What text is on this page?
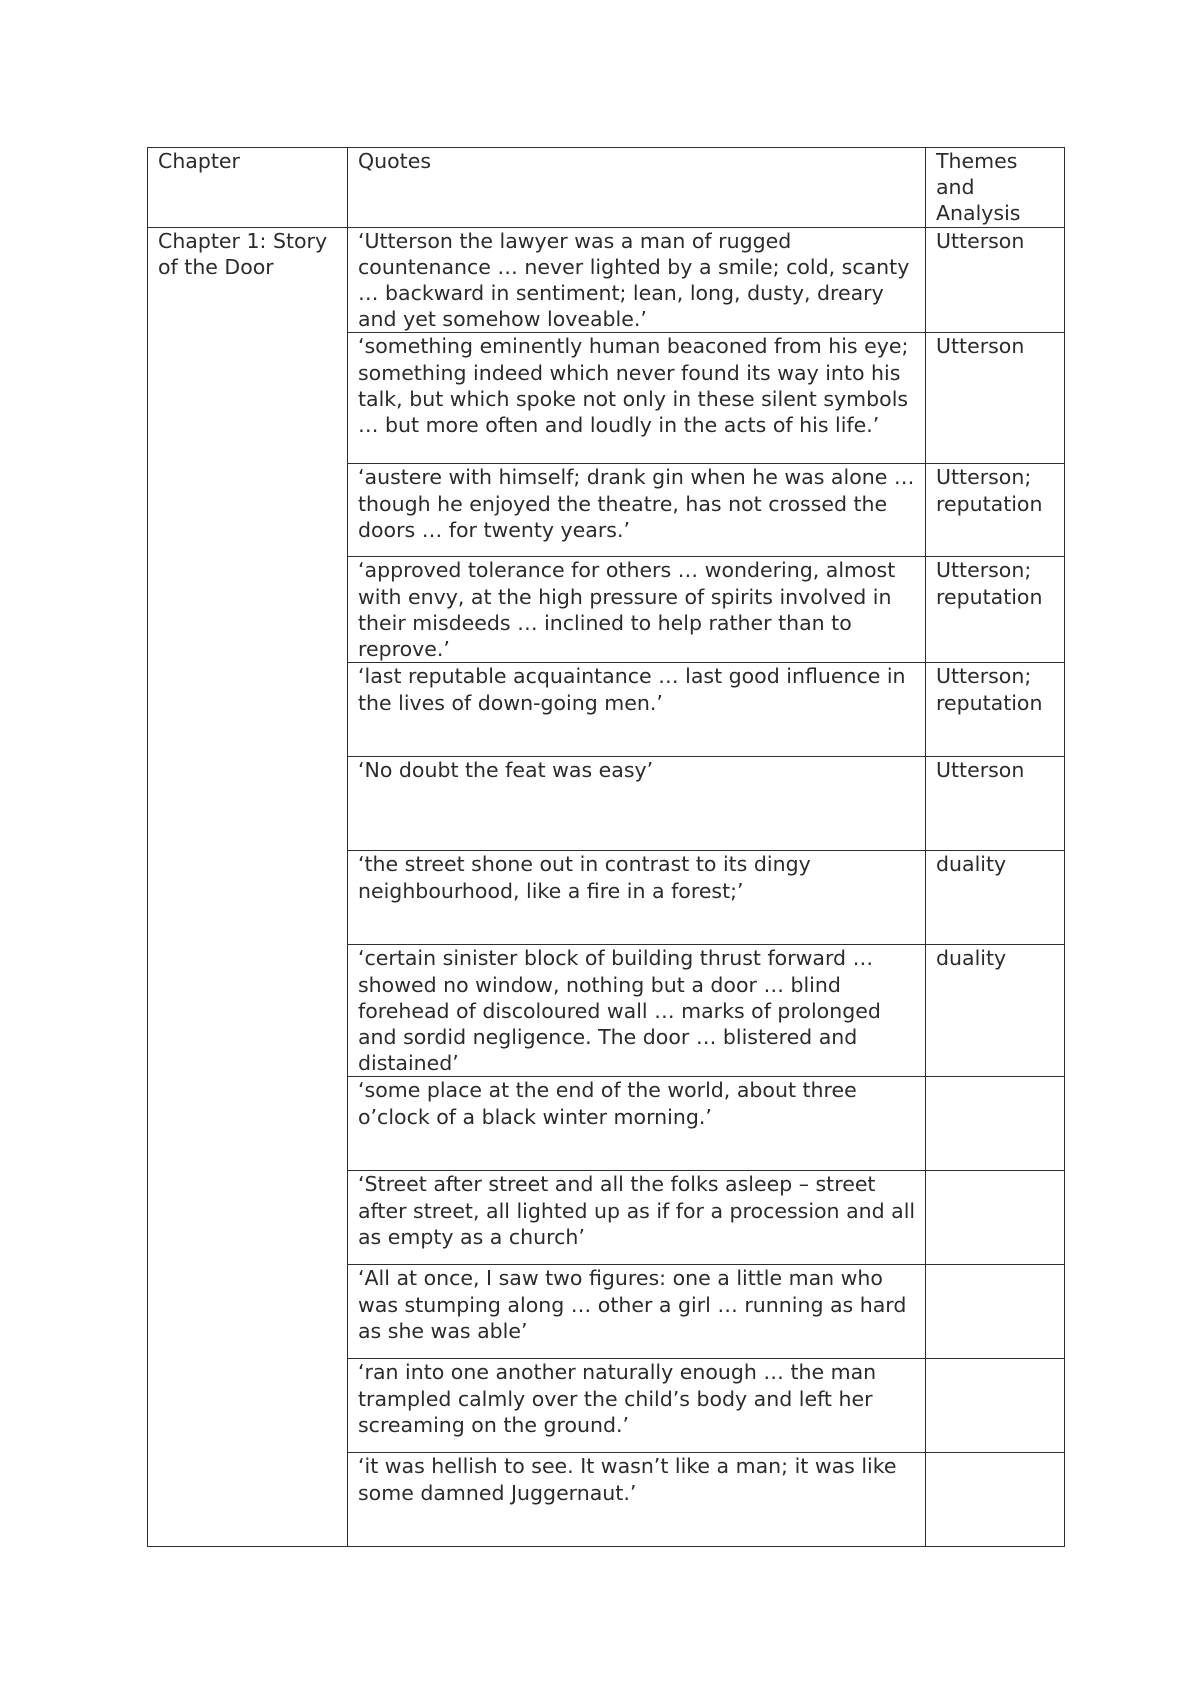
Chapter	Quotes	Themes and Analysis

Chapter 1: Story of the Door	‘Utterson the lawyer was a man of rugged countenance … never lighted by a smile; cold, scanty … backward in sentiment; lean, long, dusty, dreary and yet somehow loveable.’	Utterson

	‘something eminently human beaconed from his eye; something indeed which never found its way into his talk, but which spoke not only in these silent symbols … but more often and loudly in the acts of his life.’	Utterson

	‘austere with himself; drank gin when he was alone … though he enjoyed the theatre, has not crossed the doors … for twenty years.’	Utterson; reputation

	‘approved tolerance for others … wondering, almost with envy, at the high pressure of spirits involved in their misdeeds … inclined to help rather than to reprove.’	Utterson; reputation

	‘last reputable acquaintance … last good influence in the lives of down-going men.’	Utterson; reputation

	‘No doubt the feat was easy’	Utterson

	‘the street shone out in contrast to its dingy neighbourhood, like a fire in a forest;’	duality

	‘certain sinister block of building thrust forward … showed no window, nothing but a door … blind forehead of discoloured wall … marks of prolonged and sordid negligence. The door … blistered and distained’	duality

	‘some place at the end of the world, about three o’clock of a black winter morning.’	

	‘Street after street and all the folks asleep – street after street, all lighted up as if for a procession and all as empty as a church’	

	‘All at once, I saw two figures: one a little man who was stumping along … other a girl … running as hard as she was able’	

	‘ran into one another naturally enough … the man trampled calmly over the child’s body and left her screaming on the ground.’	

	‘it was hellish to see. It wasn’t like a man; it was like some damned Juggernaut.’	
